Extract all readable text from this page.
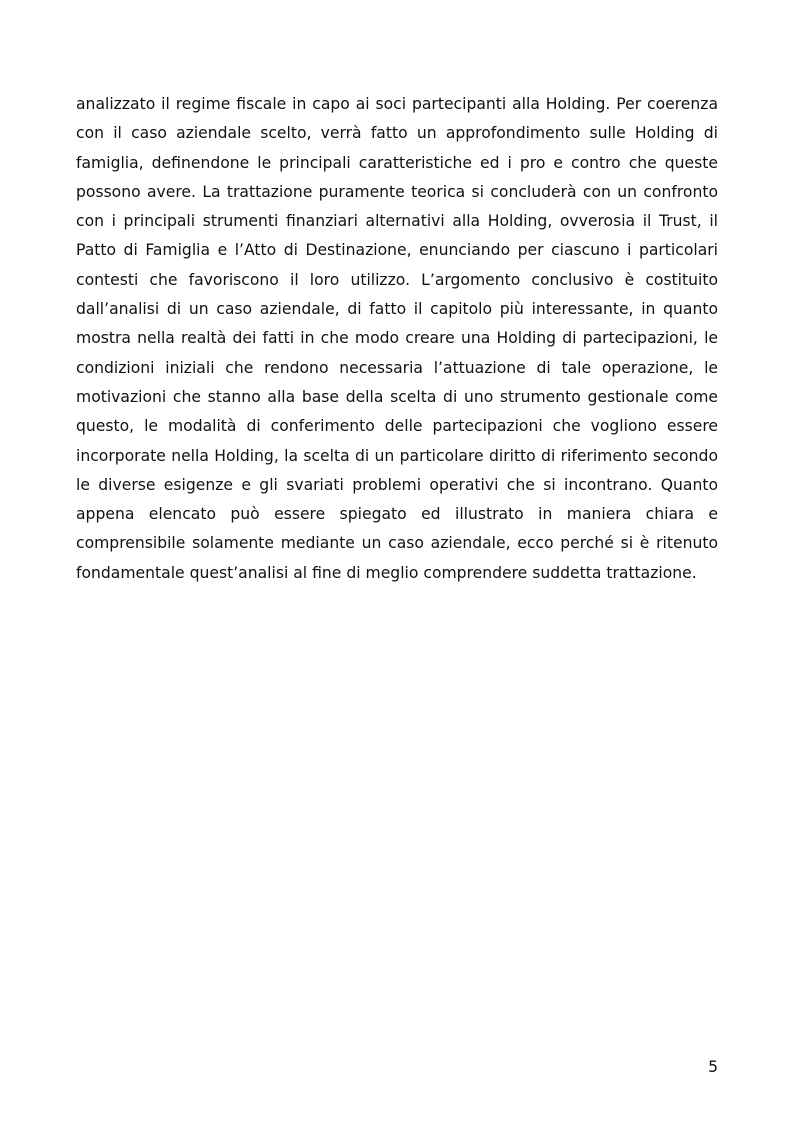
analizzato il regime fiscale in capo ai soci partecipanti alla Holding. Per coerenza con il caso aziendale scelto, verrà fatto un approfondimento sulle Holding di famiglia, definendone le principali caratteristiche ed i pro e contro che queste possono avere. La trattazione puramente teorica si concluderà con un confronto con i principali strumenti finanziari alternativi alla Holding, ovverosia il Trust, il Patto di Famiglia e l’Atto di Destinazione, enunciando per ciascuno i particolari contesti che favoriscono il loro utilizzo. L’argomento conclusivo è costituito dall’analisi di un caso aziendale, di fatto il capitolo più interessante, in quanto mostra nella realtà dei fatti in che modo creare una Holding di partecipazioni, le condizioni iniziali che rendono necessaria l’attuazione di tale operazione, le motivazioni che stanno alla base della scelta di uno strumento gestionale come questo, le modalità di conferimento delle partecipazioni che vogliono essere incorporate nella Holding, la scelta di un particolare diritto di riferimento secondo le diverse esigenze e gli svariati problemi operativi che si incontrano. Quanto appena elencato può essere spiegato ed illustrato in maniera chiara e comprensibile solamente mediante un caso aziendale, ecco perché si è ritenuto fondamentale quest’analisi al fine di meglio comprendere suddetta trattazione.

5
